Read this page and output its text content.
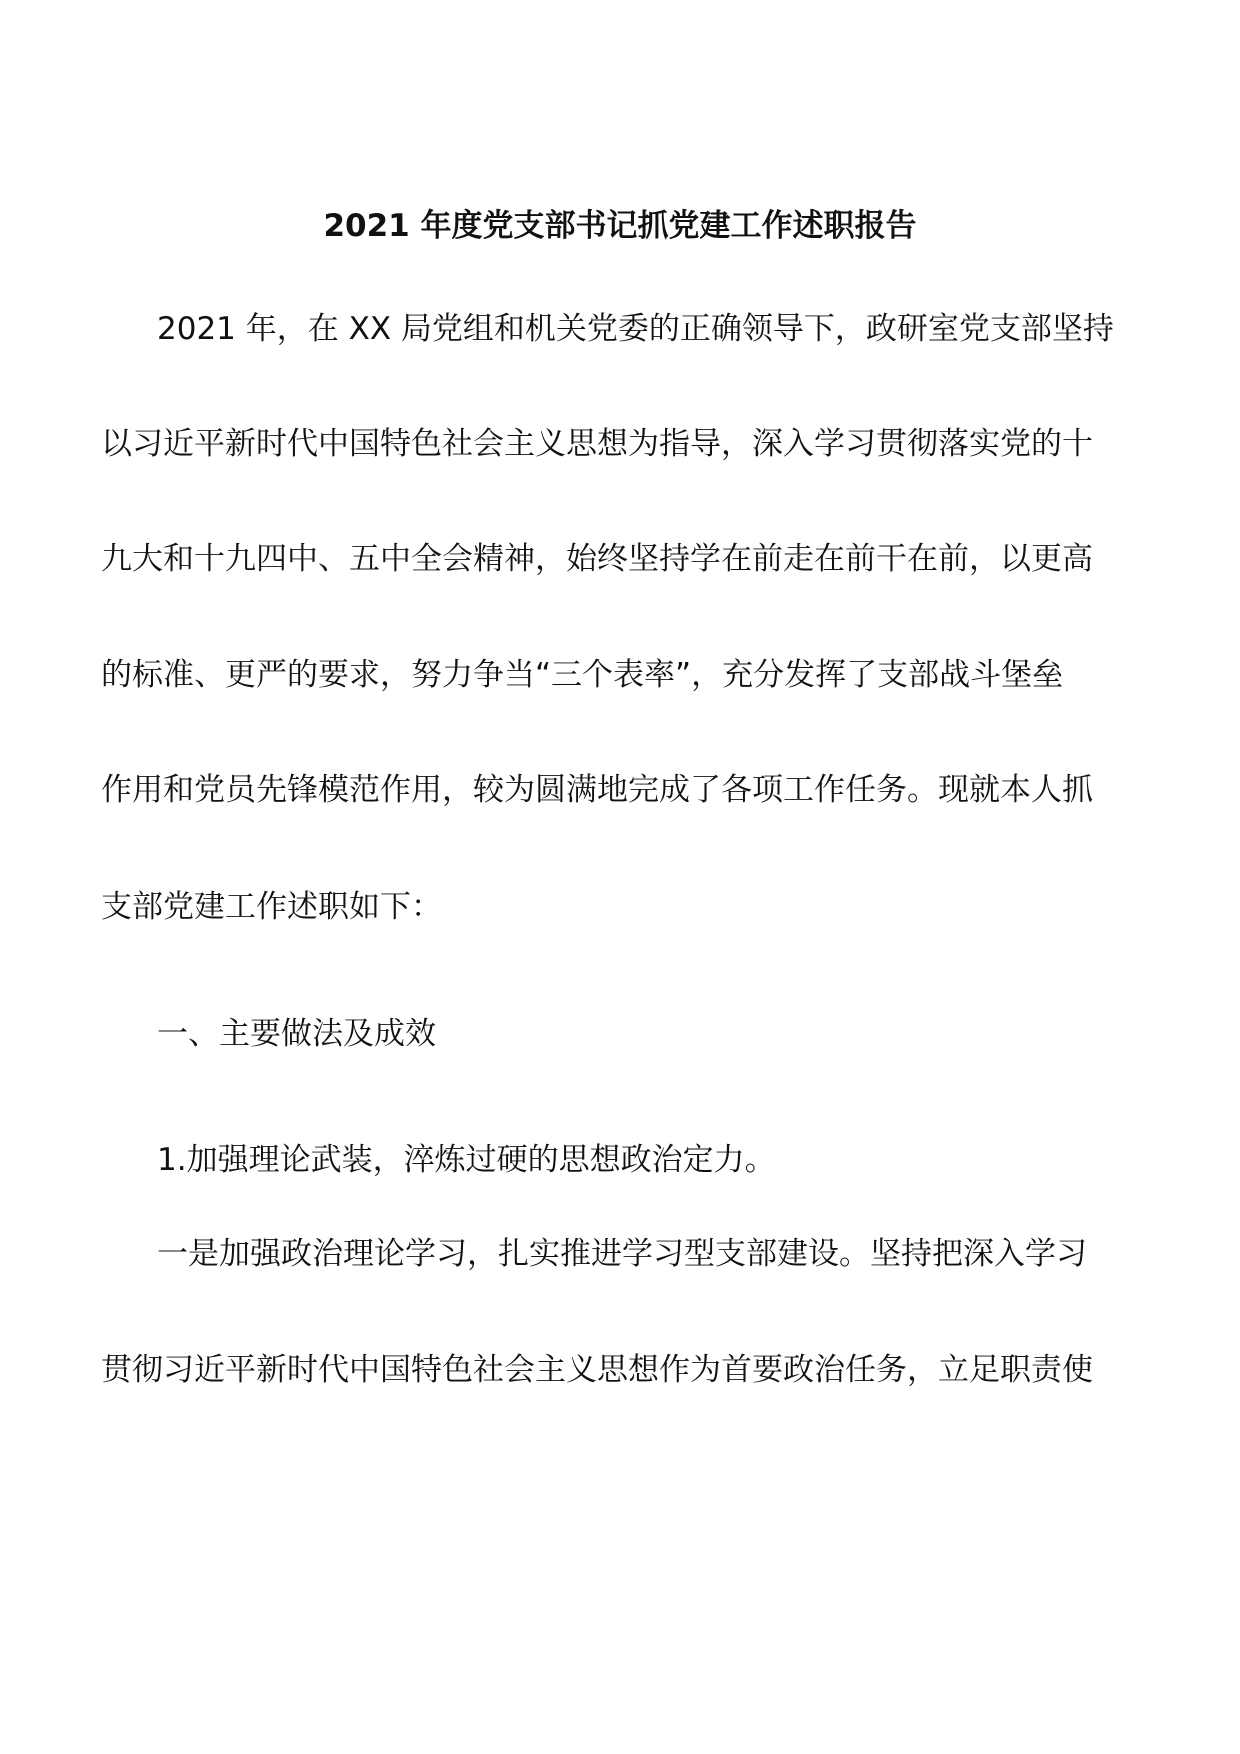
2021 年度党支部书记抓党建工作述职报告
2021 年，在 XX 局党组和机关党委的正确领导下，政研室党支部坚持
以习近平新时代中国特色社会主义思想为指导，深入学习贯彻落实党的十
九大和十九四中、五中全会精神，始终坚持学在前走在前干在前，以更高
的标准、更严的要求，努力争当“三个表率”，充分发挥了支部战斗堡垒
作用和党员先锋模范作用，较为圆满地完成了各项工作任务。现就本人抓
支部党建工作述职如下：
一、主要做法及成效
1.加强理论武装，淬炼过硬的思想政治定力。
一是加强政治理论学习，扎实推进学习型支部建设。坚持把深入学习
贯彻习近平新时代中国特色社会主义思想作为首要政治任务，立足职责使
